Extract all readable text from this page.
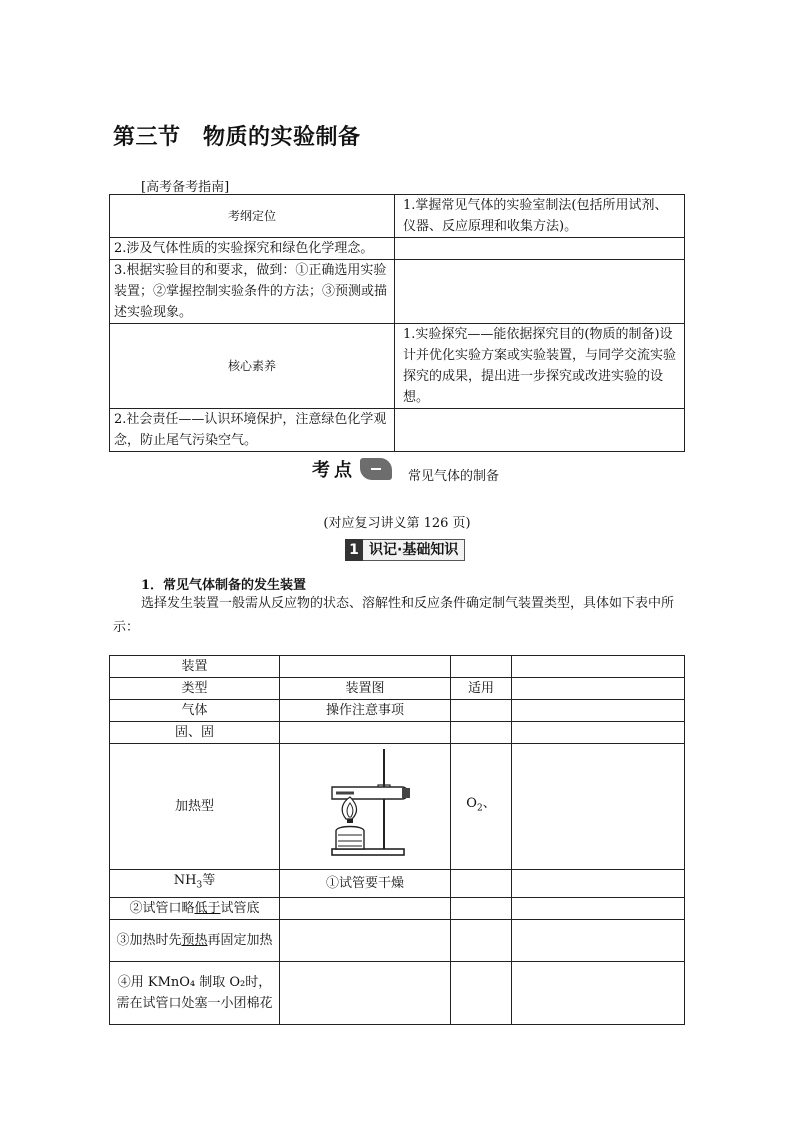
第三节　物质的实验制备
[高考备考指南]
考纲定位	1.掌握常见气体的实验室制法(包括所用试剂、仪器、反应原理和收集方法)。
2.涉及气体性质的实验探究和绿色化学理念。	
3.根据实验目的和要求，做到：①正确选用实验装置；②掌握控制实验条件的方法；③预测或描述实验现象。	
核心素养	1.实验探究——能依据探究目的(物质的制备)设计并优化实验方案或实验装置，与同学交流实验探究的成果，提出进一步探究或改进实验的设想。
2.社会责任——认识环境保护，注意绿色化学观念，防止尾气污染空气。	
考点	常见气体的制备
(对应复习讲义第 126 页)
1 识记·基础知识
1．常见气体制备的发生装置
选择发生装置一般需从反应物的状态、溶解性和反应条件确定制气装置类型，具体如下表中所示：
装置			
类型	装置图	适用	
气体	操作注意事项		
固、固			
加热型		$O_2$、	
$NH_3$等	①试管要干燥		
②试管口略低于试管底			
③加热时先预热再固定加热			
④用 KMnO₄ 制取 O₂时，需在试管口处塞一小团棉花			
